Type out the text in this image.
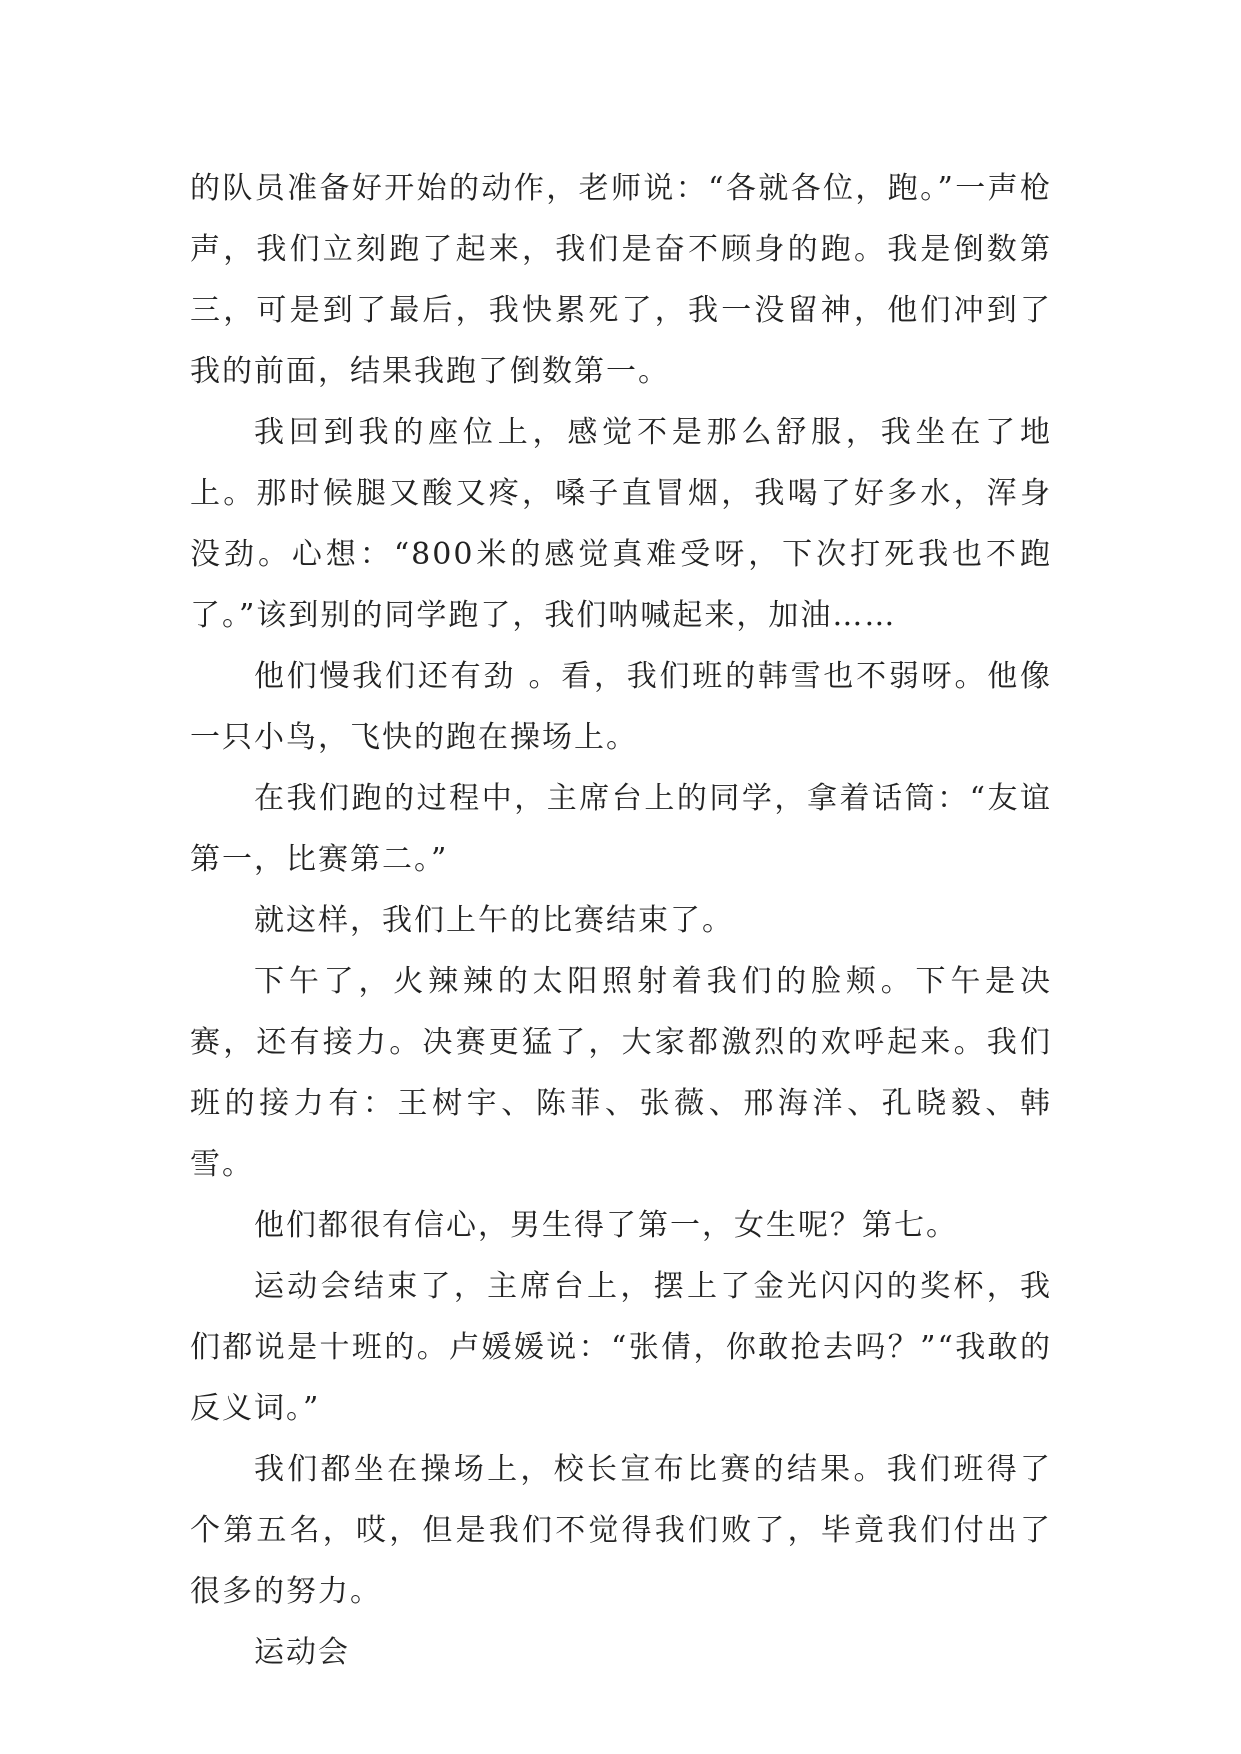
的队员准备好开始的动作，老师说：“各就各位，跑。”一声枪声，我们立刻跑了起来，我们是奋不顾身的跑。我是倒数第三，可是到了最后，我快累死了，我一没留神，他们冲到了我的前面，结果我跑了倒数第一。

我回到我的座位上，感觉不是那么舒服，我坐在了地上。那时候腿又酸又疼，嗓子直冒烟，我喝了好多水，浑身没劲。心想：“800米的感觉真难受呀，下次打死我也不跑了。”该到别的同学跑了，我们呐喊起来，加油……

他们慢我们还有劲 。看，我们班的韩雪也不弱呀。他像一只小鸟，飞快的跑在操场上。

在我们跑的过程中，主席台上的同学，拿着话筒：“友谊第一，比赛第二。”

就这样，我们上午的比赛结束了。

下午了，火辣辣的太阳照射着我们的脸颊。下午是决赛，还有接力。决赛更猛了，大家都激烈的欢呼起来。我们班的接力有：王树宇、陈菲、张薇、邢海洋、孔晓毅、韩雪。

他们都很有信心，男生得了第一，女生呢？第七。

运动会结束了，主席台上，摆上了金光闪闪的奖杯，我们都说是十班的。卢媛媛说：“张倩，你敢抢去吗？”“我敢的反义词。”

我们都坐在操场上，校长宣布比赛的结果。我们班得了个第五名，哎，但是我们不觉得我们败了，毕竟我们付出了很多的努力。

运动会
